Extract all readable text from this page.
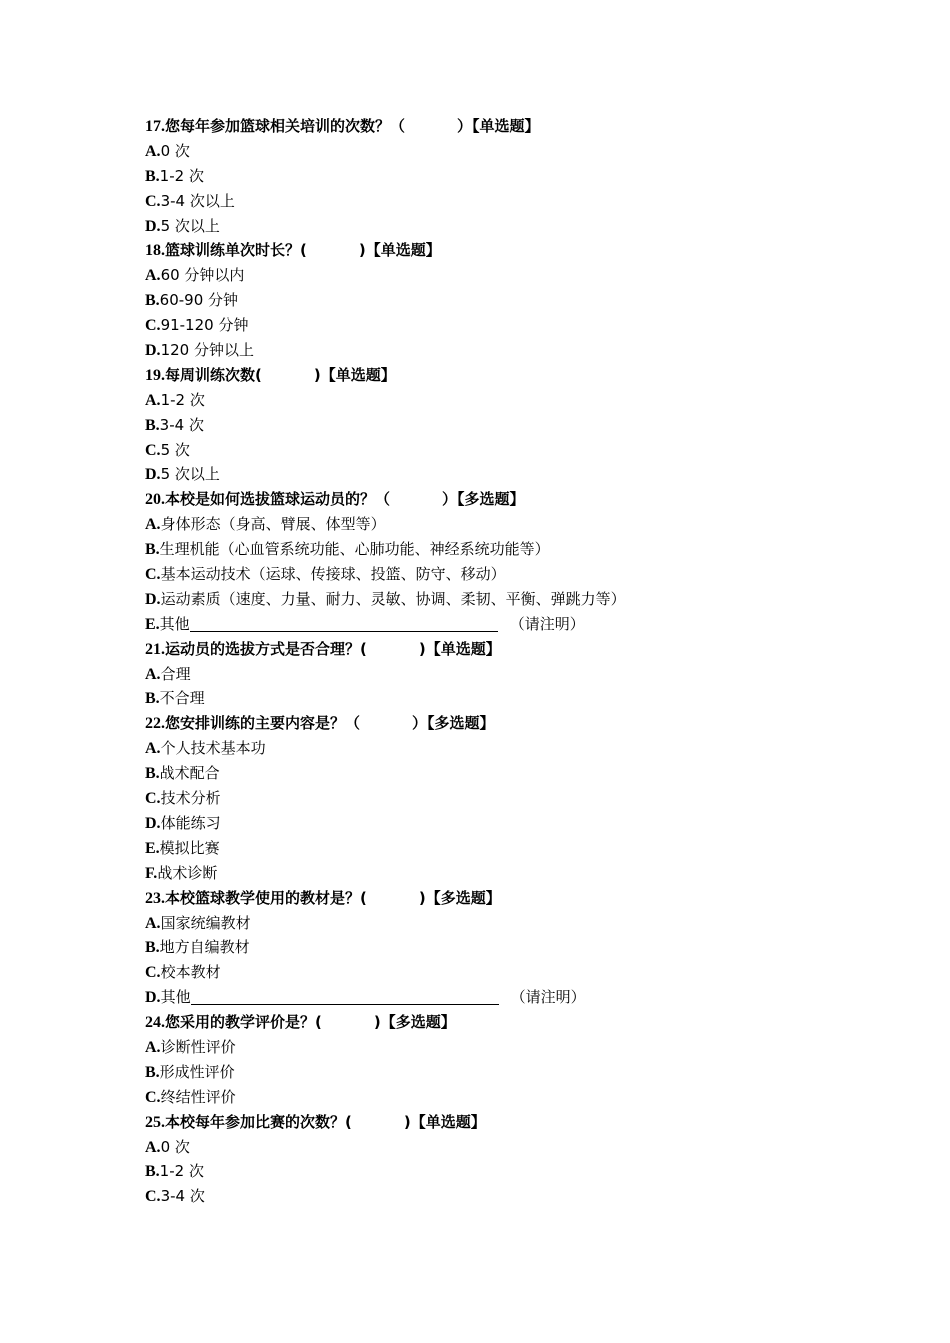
17.您每年参加篮球相关培训的次数？（	）【单选题】
A.0 次
B.1-2 次
C.3-4 次以上
D.5 次以上
18.篮球训练单次时长？(	)【单选题】
A.60 分钟以内
B.60-90 分钟
C.91-120 分钟
D.120 分钟以上
19.每周训练次数(	)【单选题】
A.1-2 次
B.3-4 次
C.5 次
D.5 次以上
20.本校是如何选拔篮球运动员的？（	）【多选题】
A.身体形态（身高、臂展、体型等）
B.生理机能（心血管系统功能、心肺功能、神经系统功能等）
C.基本运动技术（运球、传接球、投篮、防守、移动）
D.运动素质（速度、力量、耐力、灵敏、协调、柔韧、平衡、弹跳力等）
E.其他	（请注明）
21.运动员的选拔方式是否合理？(	)【单选题】
A.合理
B.不合理
22.您安排训练的主要内容是？（	）【多选题】
A.个人技术基本功
B.战术配合
C.技术分析
D.体能练习
E.模拟比赛
F.战术诊断
23.本校篮球教学使用的教材是？(	)【多选题】
A.国家统编教材
B.地方自编教材
C.校本教材
D.其他	（请注明）
24.您采用的教学评价是？(	)【多选题】
A.诊断性评价
B.形成性评价
C.终结性评价
25.本校每年参加比赛的次数？(	)【单选题】
A.0 次
B.1-2 次
C.3-4 次
